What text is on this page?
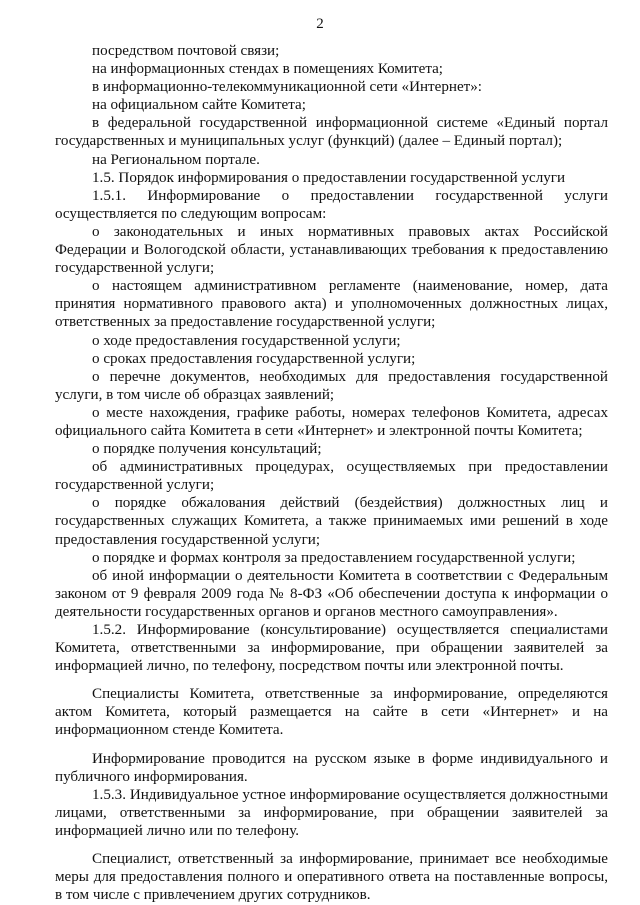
2

посредством почтовой связи;

на информационных стендах в помещениях Комитета;

в информационно-телекоммуникационной сети «Интернет»:

на официальном сайте Комитета;

в федеральной государственной информационной системе «Единый портал государственных и муниципальных услуг (функций) (далее – Единый портал);

на Региональном портале.

1.5. Порядок информирования о предоставлении государственной услуги

1.5.1. Информирование о предоставлении государственной услуги осуществляется по следующим вопросам:

о законодательных и иных нормативных правовых актах Российской Федерации и Вологодской области, устанавливающих требования к предоставлению государственной услуги;

о настоящем административном регламенте (наименование, номер, дата принятия нормативного правового акта) и уполномоченных должностных лицах, ответственных за предоставление государственной услуги;

о ходе предоставления государственной услуги;

о сроках предоставления государственной услуги;

о перечне документов, необходимых для предоставления государственной услуги, в том числе об образцах заявлений;

о месте нахождения, графике работы, номерах телефонов Комитета, адресах официального сайта Комитета в сети «Интернет» и электронной почты Комитета;

о порядке получения консультаций;

об административных процедурах, осуществляемых при предоставлении государственной услуги;

о порядке обжалования действий (бездействия) должностных лиц и государственных служащих Комитета, а также принимаемых ими решений в ходе предоставления государственной услуги;

о порядке и формах контроля за предоставлением государственной услуги;

об иной информации о деятельности Комитета в соответствии с Федеральным законом от 9 февраля 2009 года № 8-ФЗ «Об обеспечении доступа к информации о деятельности государственных органов и органов местного самоуправления».

1.5.2. Информирование (консультирование) осуществляется специалистами Комитета, ответственными за информирование, при обращении заявителей за информацией лично, по телефону, посредством почты или электронной почты.

Специалисты Комитета, ответственные за информирование, определяются актом Комитета, который размещается на сайте в сети «Интернет» и на информационном стенде Комитета.

Информирование проводится на русском языке в форме индивидуального и публичного информирования.

1.5.3. Индивидуальное устное информирование осуществляется должностными лицами, ответственными за информирование, при обращении заявителей за информацией лично или по телефону.

Специалист, ответственный за информирование, принимает все необходимые меры для предоставления полного и оперативного ответа на поставленные вопросы, в том числе с привлечением других сотрудников.
